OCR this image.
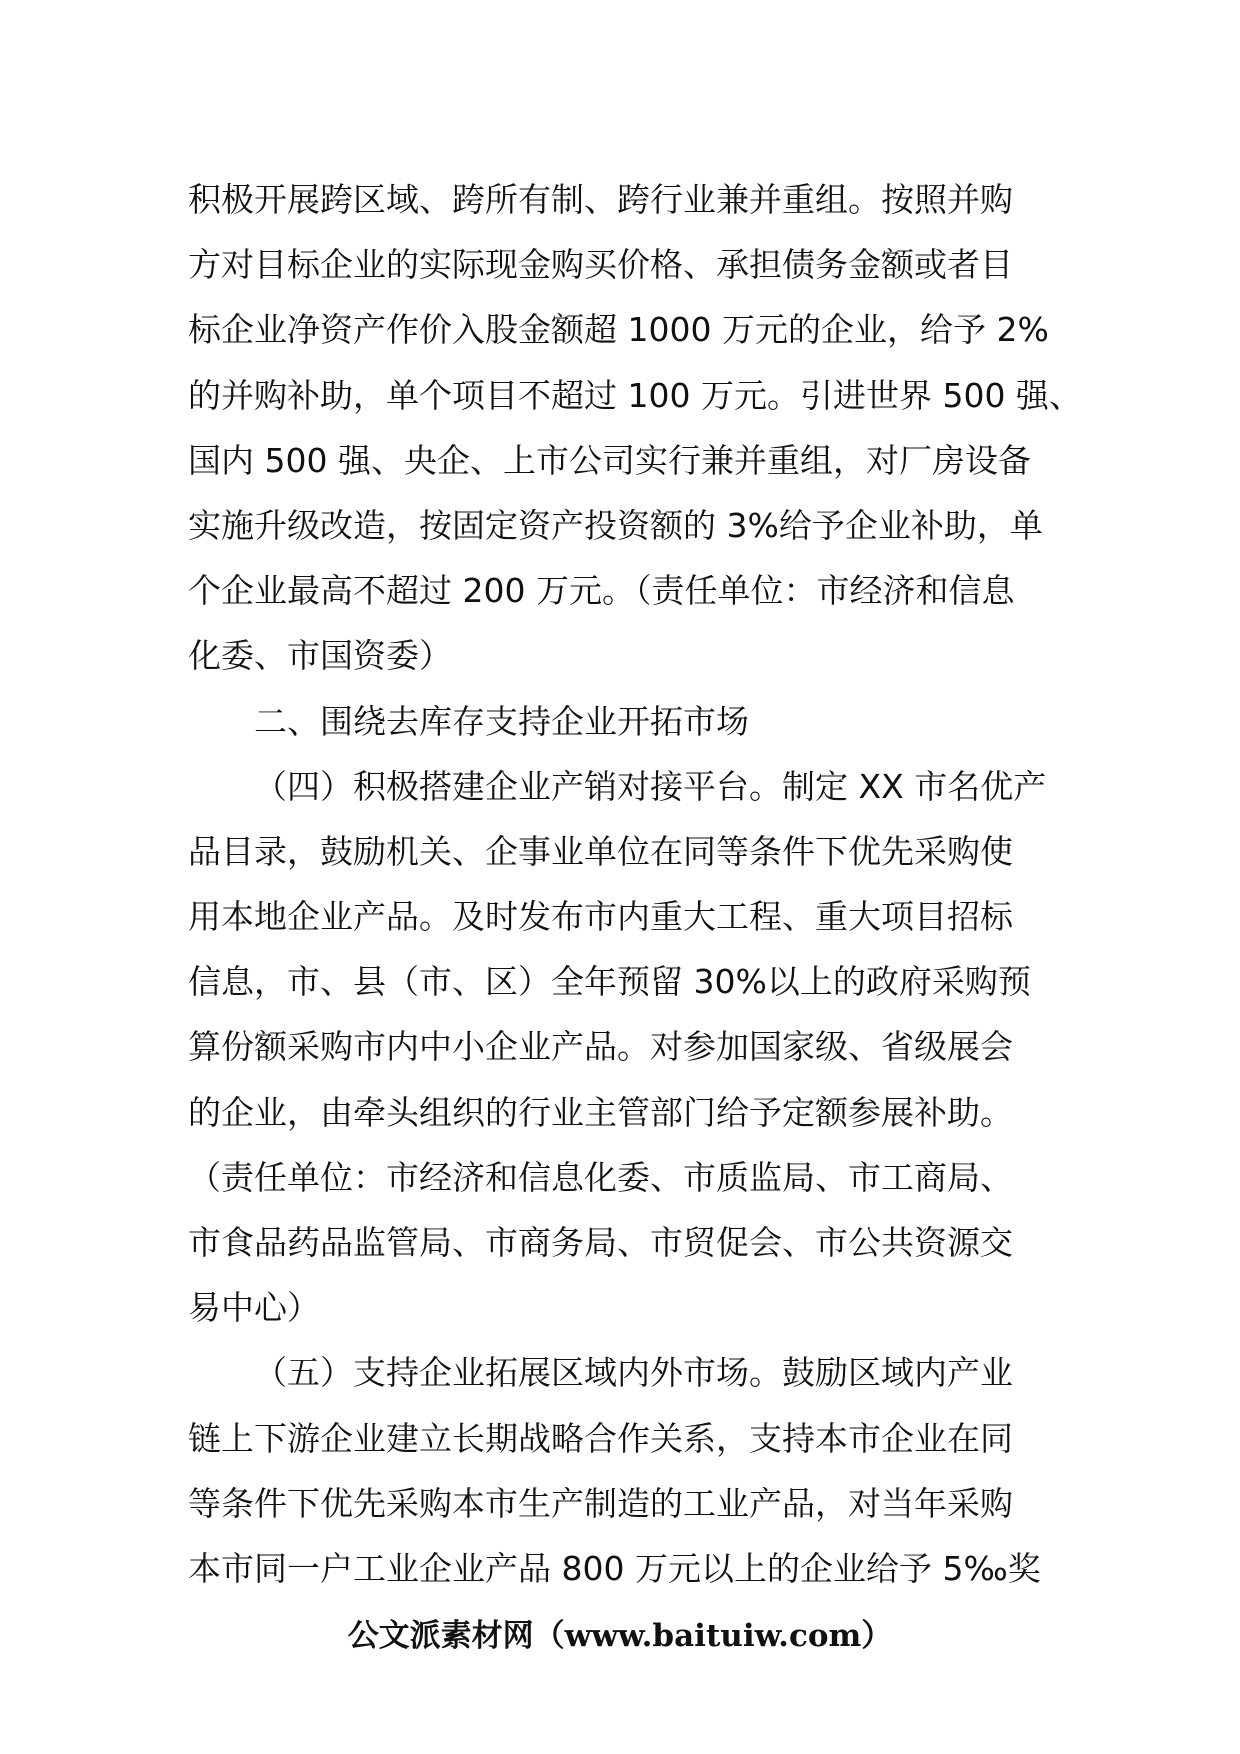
积极开展跨区域、跨所有制、跨行业兼并重组。按照并购
方对目标企业的实际现金购买价格、承担债务金额或者目
标企业净资产作价入股金额超 1000 万元的企业，给予 2%
的并购补助，单个项目不超过 100 万元。引进世界 500 强、
国内 500 强、央企、上市公司实行兼并重组，对厂房设备
实施升级改造，按固定资产投资额的 3%给予企业补助，单
个企业最高不超过 200 万元。（责任单位：市经济和信息
化委、市国资委）
二、围绕去库存支持企业开拓市场
（四）积极搭建企业产销对接平台。制定 XX 市名优产
品目录，鼓励机关、企事业单位在同等条件下优先采购使
用本地企业产品。及时发布市内重大工程、重大项目招标
信息，市、县（市、区）全年预留 30%以上的政府采购预
算份额采购市内中小企业产品。对参加国家级、省级展会
的企业，由牵头组织的行业主管部门给予定额参展补助。
（责任单位：市经济和信息化委、市质监局、市工商局、
市食品药品监管局、市商务局、市贸促会、市公共资源交
易中心）
（五）支持企业拓展区域内外市场。鼓励区域内产业
链上下游企业建立长期战略合作关系，支持本市企业在同
等条件下优先采购本市生产制造的工业产品，对当年采购
本市同一户工业企业产品 800 万元以上的企业给予 5‰奖
公文派素材网（www.baituiw.com）
